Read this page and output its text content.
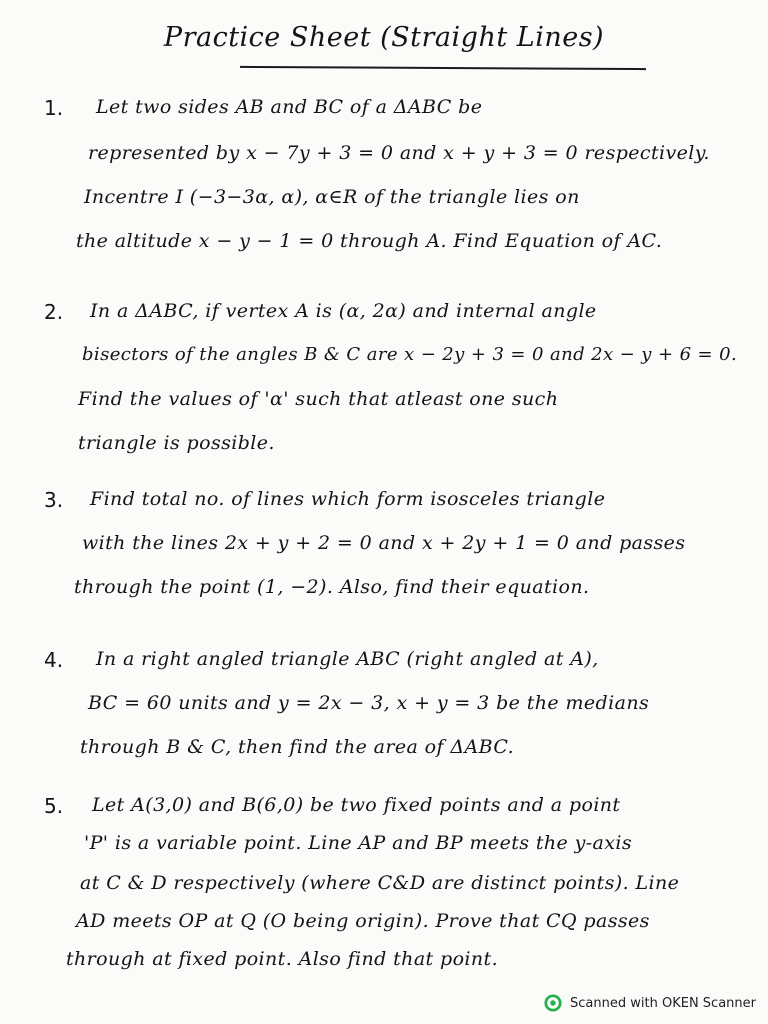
Practice Sheet (Straight Lines)
1. Let two sides AB and BC of a ΔABC be
represented by x − 7y + 3 = 0 and x + y + 3 = 0 respectively.
Incentre I (−3−3α, α), α∈R of the triangle lies on
the altitude x − y − 1 = 0 through A. Find Equation of AC.
2. In a ΔABC, if vertex A is (α, 2α) and internal angle
bisectors of the angles B & C are x − 2y + 3 = 0 and 2x − y + 6 = 0.
Find the values of 'α' such that atleast one such
triangle is possible.
3. Find total no. of lines which form isosceles triangle
with the lines 2x + y + 2 = 0 and x + 2y + 1 = 0 and passes
through the point (1, −2). Also, find their equation.
4. In a right angled triangle ABC (right angled at A),
BC = 60 units and y = 2x − 3, x + y = 3 be the medians
through B & C, then find the area of ΔABC.
5. Let A(3,0) and B(6,0) be two fixed points and a point
'P' is a variable point. Line AP and BP meets the y-axis
at C & D respectively (where C&D are distinct points). Line
AD meets OP at Q (O being origin). Prove that CQ passes
through at fixed point. Also find that point.
Scanned with OKEN Scanner
